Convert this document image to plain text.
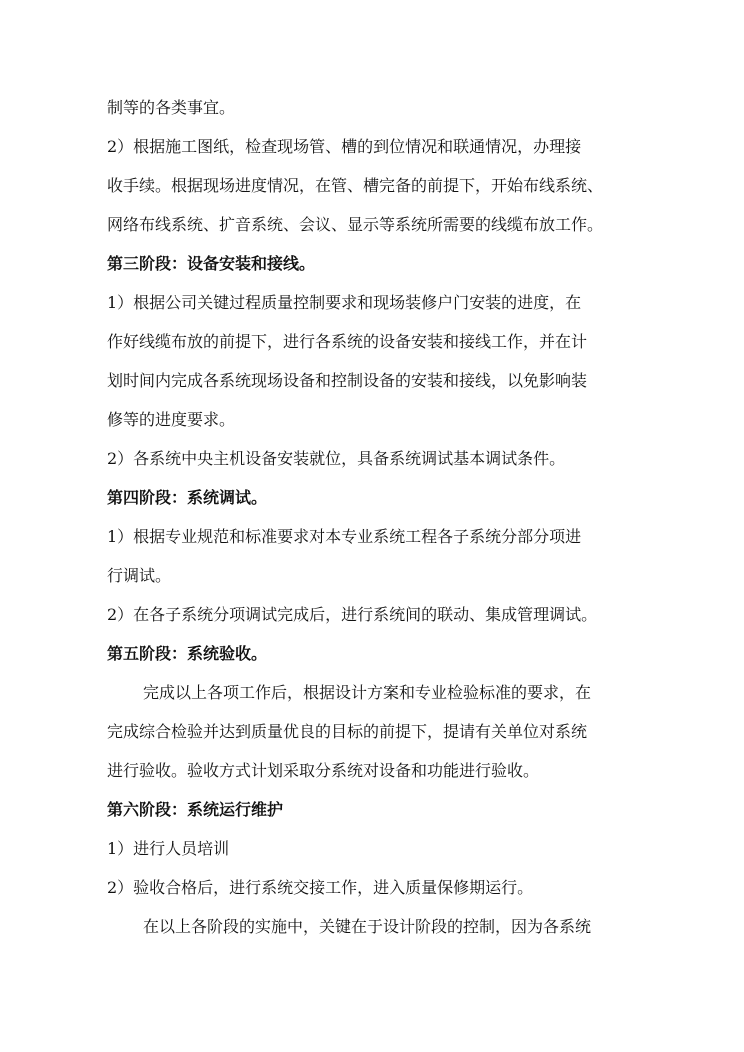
制等的各类事宜。
2）根据施工图纸，检查现场管、槽的到位情况和联通情况，办理接
收手续。根据现场进度情况，在管、槽完备的前提下，开始布线系统、
网络布线系统、扩音系统、会议、显示等系统所需要的线缆布放工作。
第三阶段：设备安装和接线。
1）根据公司关键过程质量控制要求和现场装修户门安装的进度，在
作好线缆布放的前提下，进行各系统的设备安装和接线工作，并在计
划时间内完成各系统现场设备和控制设备的安装和接线，以免影响装
修等的进度要求。
2）各系统中央主机设备安装就位，具备系统调试基本调试条件。
第四阶段：系统调试。
1）根据专业规范和标准要求对本专业系统工程各子系统分部分项进
行调试。
2）在各子系统分项调试完成后，进行系统间的联动、集成管理调试。
第五阶段：系统验收。
完成以上各项工作后，根据设计方案和专业检验标准的要求，在
完成综合检验并达到质量优良的目标的前提下，提请有关单位对系统
进行验收。验收方式计划采取分系统对设备和功能进行验收。
第六阶段：系统运行维护
1）进行人员培训
2）验收合格后，进行系统交接工作，进入质量保修期运行。
在以上各阶段的实施中，关键在于设计阶段的控制，因为各系统
